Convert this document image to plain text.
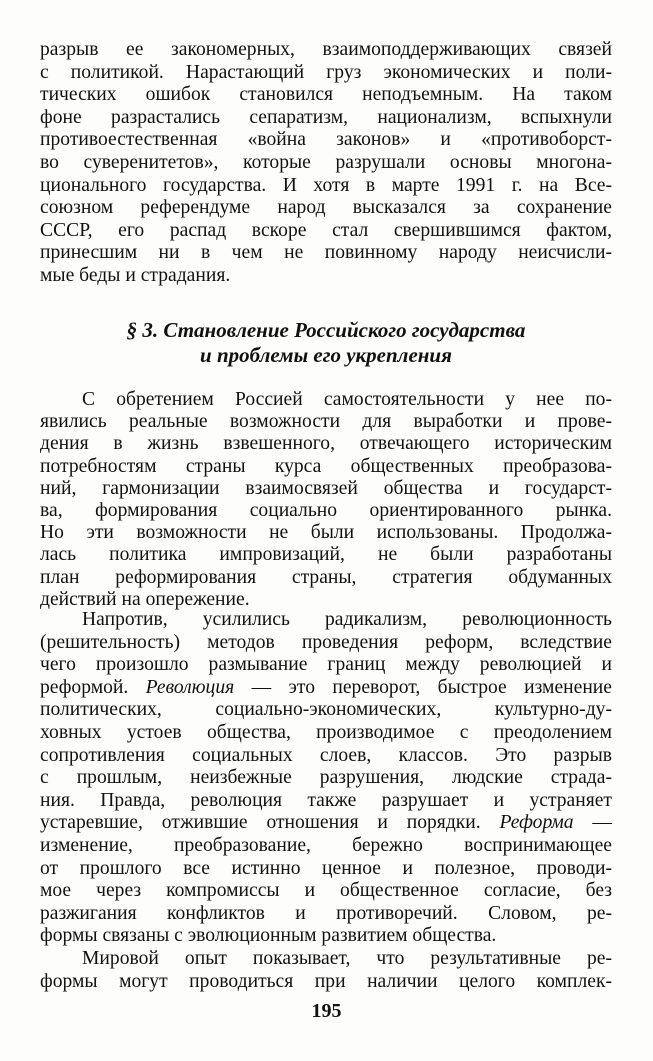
разрыв ее закономерных, взаимоподдерживающих связей
с политикой. Нарастающий груз экономических и поли-
тических ошибок становился неподъемным. На таком
фоне разрастались сепаратизм, национализм, вспыхнули
противоестественная «война законов» и «противоборст-
во суверенитетов», которые разрушали основы многона-
ционального государства. И хотя в марте 1991 г. на Все-
союзном референдуме народ высказался за сохранение
СССР, его распад вскоре стал свершившимся фактом,
принесшим ни в чем не повинному народу неисчисли-
мые беды и страдания.
§ 3. Становление Российского государства
и проблемы его укрепления
С обретением Россией самостоятельности у нее по-
явились реальные возможности для выработки и прове-
дения в жизнь взвешенного, отвечающего историческим
потребностям страны курса общественных преобразова-
ний, гармонизации взаимосвязей общества и государст-
ва, формирования социально ориентированного рынка.
Но эти возможности не были использованы. Продолжа-
лась политика импровизаций, не были разработаны
план реформирования страны, стратегия обдуманных
действий на опережение.
Напротив, усилились радикализм, революционность
(решительность) методов проведения реформ, вследствие
чего произошло размывание границ между революцией и
реформой. Революция — это переворот, быстрое изменение
политических, социально-экономических, культурно-ду-
ховных устоев общества, производимое с преодолением
сопротивления социальных слоев, классов. Это разрыв
с прошлым, неизбежные разрушения, людские страда-
ния. Правда, революция также разрушает и устраняет
устаревшие, отжившие отношения и порядки. Реформа —
изменение, преобразование, бережно воспринимающее
от прошлого все истинно ценное и полезное, проводи-
мое через компромиссы и общественное согласие, без
разжигания конфликтов и противоречий. Словом, ре-
формы связаны с эволюционным развитием общества.
Мировой опыт показывает, что результативные ре-
формы могут проводиться при наличии целого комплек-
195
